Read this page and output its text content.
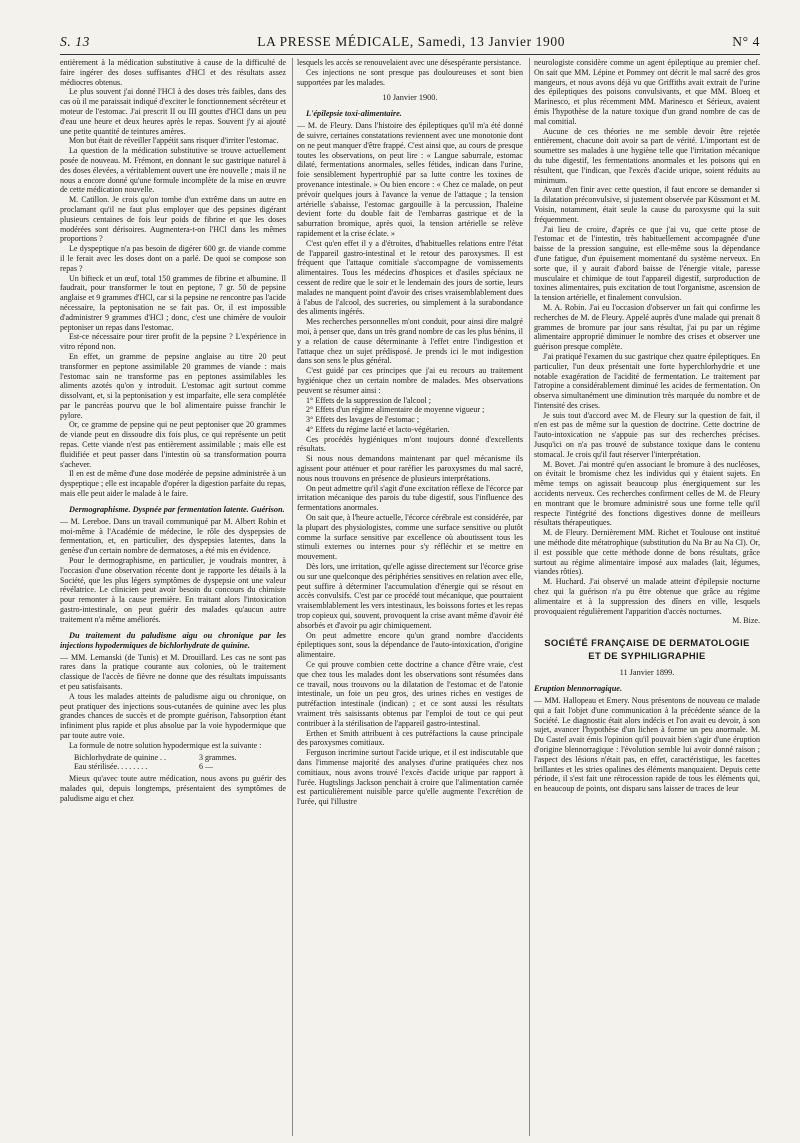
S. 13	LA PRESSE MÉDICALE, Samedi, 13 Janvier 1900	N° 4

entièrement à la médication substitutive à cause de la difficulté de faire ingérer des doses suffisantes d'HCl et des résultats assez médiocres obtenus.

Le plus souvent j'ai donné l'HCl à des doses très faibles, dans des cas où il me paraissait indiqué d'exciter le fonctionnement sécréteur et moteur de l'estomac. J'ai prescrit II ou III gouttes d'HCl dans un peu d'eau une heure et deux heures après le repas. Souvent j'y ai ajouté une petite quantité de teintures amères.

Mon but était de réveiller l'appétit sans risquer d'irriter l'estomac.

La question de la médication substitutive se trouve actuellement posée de nouveau. M. Frémont, en donnant le suc gastrique naturel à des doses élevées, a véritablement ouvert une ère nouvelle ; mais il ne nous a encore donné qu'une formule incomplète de la mise en œuvre de cette médication nouvelle.

M. Catillon. Je crois qu'on tombe d'un extrême dans un autre en proclamant qu'il ne faut plus employer que des pepsines digérant plusieurs centaines de fois leur poids de fibrine et que les doses modérées sont dérisoires. Augmentera-t-on l'HCl dans les mêmes proportions ?

Le dyspeptique n'a pas besoin de digérer 600 gr. de viande comme il le ferait avec les doses dont on a parlé. De quoi se compose son repas ?

Un bifteck et un œuf, total 150 grammes de fibrine et albumine. Il faudrait, pour transformer le tout en peptone, 7 gr. 50 de pepsine anglaise et 9 grammes d'HCl, car si la pepsine ne rencontre pas l'acide nécessaire, la peptonisation ne se fait pas. Or, il est impossible d'administrer 9 grammes d'HCl ; donc, c'est une chimère de vouloir peptoniser un repas dans l'estomac.

Est-ce nécessaire pour tirer profit de la pepsine ? L'expérience in vitro répond non.

En effet, un gramme de pepsine anglaise au titre 20 peut transformer en peptone assimilable 20 grammes de viande : mais l'estomac sain ne transforme pas en peptones assimilables les aliments azotés qu'on y introduit. L'estomac agit surtout comme dissolvant, et, si la peptonisation y est imparfaite, elle sera complétée par le pancréas pourvu que le bol alimentaire puisse franchir le pylore.

Or, ce gramme de pepsine qui ne peut peptoniser que 20 grammes de viande peut en dissoudre dix fois plus, ce qui représente un petit repas. Cette viande n'est pas entièrement assimilable ; mais elle est fluidifiée et peut passer dans l'intestin où sa transformation pourra s'achever.

Il en est de même d'une dose modérée de pepsine administrée à un dyspeptique ; elle est incapable d'opérer la digestion parfaite du repas, mais elle peut aider le malade à le faire.

Dermographisme. Dyspnée par fermentation latente. Guérison.

— M. Lereboe. Dans un travail communiqué par M. Albert Robin et moi-même à l'Académie de médecine, le rôle des dyspepsies de fermentation, et, en particulier, des dyspepsies latentes, dans la genèse d'un certain nombre de dermatoses, a été mis en évidence.

Pour le dermographisme, en particulier, je voudrais montrer, à l'occasion d'une observation récente dont je rapporte les détails à la Société, que les plus légers symptômes de dyspepsie ont une valeur révélatrice. Le clinicien peut avoir besoin du concours du chimiste pour remonter à la cause première. En traitant alors l'intoxication gastro-intestinale, on peut guérir des malades qu'aucun autre traitement n'a même améliorés.

Du traitement du paludisme aigu ou chronique par les injections hypodermiques de bichlorhydrate de quinine.

— MM. Lemanski (de Tunis) et M. Drouillard. Les cas ne sont pas rares dans la pratique courante aux colonies, où le traitement classique de l'accès de fièvre ne donne que des résultats impuissants et peu satisfaisants.

A tous les malades atteints de paludisme aigu ou chronique, on peut pratiquer des injections sous-cutanées de quinine avec les plus grandes chances de succès et de prompte guérison, l'absorption étant infiniment plus rapide et plus absolue par la voie hypodermique que par toute autre voie.

La formule de notre solution hypodermique est la suivante :

Bichlorhydrate de quinine . .	3 grammes.
Eau stérilisée. . . . . . . .	6 —

Mieux qu'avec toute autre médication, nous avons pu guérir des malades qui, depuis longtemps, présentaient des symptômes de paludisme aigu et chez

lesquels les accès se renouvelaient avec une désespérante persistance.

Ces injections ne sont presque pas douloureuses et sont bien supportées par les malades.

10 Janvier 1900.
L'épilepsie toxi-alimentaire.

— M. de Fleury. Dans l'histoire des épileptiques qu'il m'a été donné de suivre, certaines constatations reviennent avec une monotonie dont on ne peut manquer d'être frappé. C'est ainsi que, au cours de presque toutes les observations, on peut lire : « Langue saburrale, estomac dilaté, fermentations anormales, selles fétides, indican dans l'urine, foie sensiblement hypertrophié par sa lutte contre les toxines de provenance intestinale. » Ou bien encore : « Chez ce malade, on peut prévoir quelques jours à l'avance la venue de l'attaque ; la tension artérielle s'abaisse, l'estomac gargouille à la percussion, l'haleine devient forte du double fait de l'embarras gastrique et de la saburration bromique, après quoi, la tension artérielle se relève rapidement et la crise éclate. »

C'est qu'en effet il y a d'étroites, d'habituelles relations entre l'état de l'appareil gastro-intestinal et le retour des paroxysmes. Il est fréquent que l'attaque comitiale s'accompagne de vomissements alimentaires. Tous les médecins d'hospices et d'asiles spéciaux ne cessent de redire que le soir et le lendemain des jours de sortie, leurs malades ne manquent point d'avoir des crises vraisemblablement dues à l'abus de l'alcool, des sucreries, ou simplement à la surabondance des aliments ingérés.

Mes recherches personnelles m'ont conduit, pour ainsi dire malgré moi, à penser que, dans un très grand nombre de cas les plus bénins, il y a relation de cause déterminante à l'effet entre l'indigestion et l'attaque chez un sujet prédisposé. Je prends ici le mot indigestion dans son sens le plus général.

C'est guidé par ces principes que j'ai eu recours au traitement hygiénique chez un certain nombre de malades. Mes observations peuvent se résumer ainsi :

1° Effets de la suppression de l'alcool ;

2° Effets d'un régime alimentaire de moyenne vigueur ;

3° Effets des lavages de l'estomac ;

4° Effets du régime lacté et lacto-végétarien.

Ces procédés hygiéniques m'ont toujours donné d'excellents résultats.

Si nous nous demandons maintenant par quel mécanisme ils agissent pour atténuer et pour raréfier les paroxysmes du mal sacré, nous nous trouvons en présence de plusieurs interprétations.

On peut admettre qu'il s'agit d'une excitation réflexe de l'écorce par irritation mécanique des parois du tube digestif, sous l'influence des fermentations anormales.

On sait que, à l'heure actuelle, l'écorce cérébrale est considérée, par la plupart des physiologistes, comme une surface sensitive ou plutôt comme la surface sensitive par excellence où aboutissent tous les stimuli externes ou internes pour s'y réfléchir et se mettre en mouvement.

Dès lors, une irritation, qu'elle agisse directement sur l'écorce grise ou sur une quelconque des périphéries sensitives en relation avec elle, peut suffire à déterminer l'accumulation d'énergie qui se résout en accès convulsifs. C'est par ce procédé tout mécanique, que pourraient vraisemblablement les vers intestinaux, les boissons fortes et les repas trop copieux qui, souvent, provoquent la crise avant même d'avoir été absorbés et d'avoir pu agir chimiquement.

On peut admettre encore qu'un grand nombre d'accidents épileptiques sont, sous la dépendance de l'auto-intoxication, d'origine alimentaire.

Ce qui prouve combien cette doctrine a chance d'être vraie, c'est que chez tous les malades dont les observations sont résumées dans ce travail, nous trouvons ou la dilatation de l'estomac et de l'atonie intestinale, un foie un peu gros, des urines riches en vestiges de putréfaction intestinale (indican) ; et ce sont aussi les résultats vraiment très saisissants obtenus par l'emploi de tout ce qui peut contribuer à la stérilisation de l'appareil gastro-intestinal.

Erthen et Smith attribuent à ces putréfactions la cause principale des paroxysmes comitiaux.

Ferguson incrimine surtout l'acide urique, et il est indiscutable que dans l'immense majorité des analyses d'urine pratiquées chez nos comitiaux, nous avons trouvé l'excès d'acide urique par rapport à l'urée. Hugtslings Jackson penchait à croire que l'alimentation carnée est particulièrement nuisible parce qu'elle augmente l'excrétion de l'urée, qui l'illustre

neurologiste considère comme un agent épileptique au premier chef. On sait que MM. Lépine et Pommey ont décrit le mal sacré des gros mangeurs, et nous avons déjà vu que Griffiths avait extrait de l'urine des épileptiques des poisons convulsivants, et que MM. Bloeq et Marinesco, et plus récemment MM. Marinesco et Sérieux, avaient émis l'hypothèse de la nature toxique d'un grand nombre de cas de mal comitial.

Aucune de ces théories ne me semble devoir être rejetée entièrement, chacune doit avoir sa part de vérité. L'important est de soumettre ses malades à une hygiène telle que l'irritation mécanique du tube digestif, les fermentations anormales et les poisons qui en résultent, que l'indican, que l'excès d'acide urique, soient réduits au minimum.

Avant d'en finir avec cette question, il faut encore se demander si la dilatation préconvulsive, si justement observée par Küssmont et M. Voisin, notamment, était seule la cause du paroxysme qui la suit fréquemment.

J'ai lieu de croire, d'après ce que j'ai vu, que cette ptose de l'estomac et de l'intestin, très habituellement accompagnée d'une baisse de la pression sanguine, est elle-même sous la dépendance d'une fatigue, d'un épuisement momentané du système nerveux. En sorte que, il y aurait d'abord baisse de l'énergie vitale, paresse musculaire et chimique de tout l'appareil digestif, surproduction de toxines alimentaires, puis excitation de tout l'organisme, ascension de la tension artérielle, et finalement convulsion.

M. A. Robin. J'ai eu l'occasion d'observer un fait qui confirme les recherches de M. de Fleury. Appelé auprès d'une malade qui prenait 8 grammes de bromure par jour sans résultat, j'ai pu par un régime alimentaire approprié diminuer le nombre des crises et observer une guérison presque complète.

J'ai pratiqué l'examen du suc gastrique chez quatre épileptiques. En particulier, l'un deux présentait une forte hyperchlorhydrie et une notable exagération de l'acidité de fermentation. Le traitement par l'atropine a considérablement diminué les acides de fermentation. On observa simultanément une diminution très marquée du nombre et de l'intensité des crises.

Je suis tout d'accord avec M. de Fleury sur la question de fait, il n'en est pas de même sur la question de doctrine. Cette doctrine de l'auto-intoxication ne s'appuie pas sur des recherches précises. Jusqu'ici on n'a pas trouvé de substance toxique dans le contenu stomacal. Je crois qu'il faut réserver l'interprétation.

M. Bovet. J'ai montré qu'en associant le bromure à des nucléoses, on évitait le bromisme chez les individus qui y étaient sujets. En même temps on agissait beaucoup plus énergiquement sur les accidents nerveux. Ces recherches confirment celles de M. de Fleury en montrant que le bromure administré sous une forme telle qu'il respecte l'intégrité des fonctions digestives donne de meilleurs résultats thérapeutiques.

M. de Fleury. Dernièrement MM. Richet et Toulouse ont institué une méthode dite métatrophique (substitution du Na Br au Na Cl). Or, il est possible que cette méthode donne de bons résultats, grâce surtout au régime alimentaire imposé aux malades (lait, légumes, viandes rôties).

M. Huchard. J'ai observé un malade atteint d'épilepsie nocturne chez qui la guérison n'a pu être obtenue que grâce au régime alimentaire et à la suppression des dîners en ville, lesquels provoquaient régulièrement l'apparition d'accès nocturnes.

M. Bize.

SOCIÉTÉ FRANÇAISE DE DERMATOLOGIE
ET DE SYPHILIGRAPHIE
11 Janvier 1899.
Eruption blennorragique.

— MM. Hallopeau et Emery. Nous présentons de nouveau ce malade qui a fait l'objet d'une communication à la précédente séance de la Société. Le diagnostic était alors indécis et l'on avait eu devoir, à son sujet, avancer l'hypothèse d'un lichen à forme un peu anormale. M. Du Castel avait émis l'opinion qu'il pouvait bien s'agir d'une éruption d'origine blennorragique : l'évolution semble lui avoir donné raison ; l'aspect des lésions n'était pas, en effet, caractéristique, les facettes brillantes et les stries opalines des éléments manquaient. Depuis cette période, il s'est fait une rétrocession rapide de tous les éléments qui, en beaucoup de points, ont disparu sans laisser de traces de leur
